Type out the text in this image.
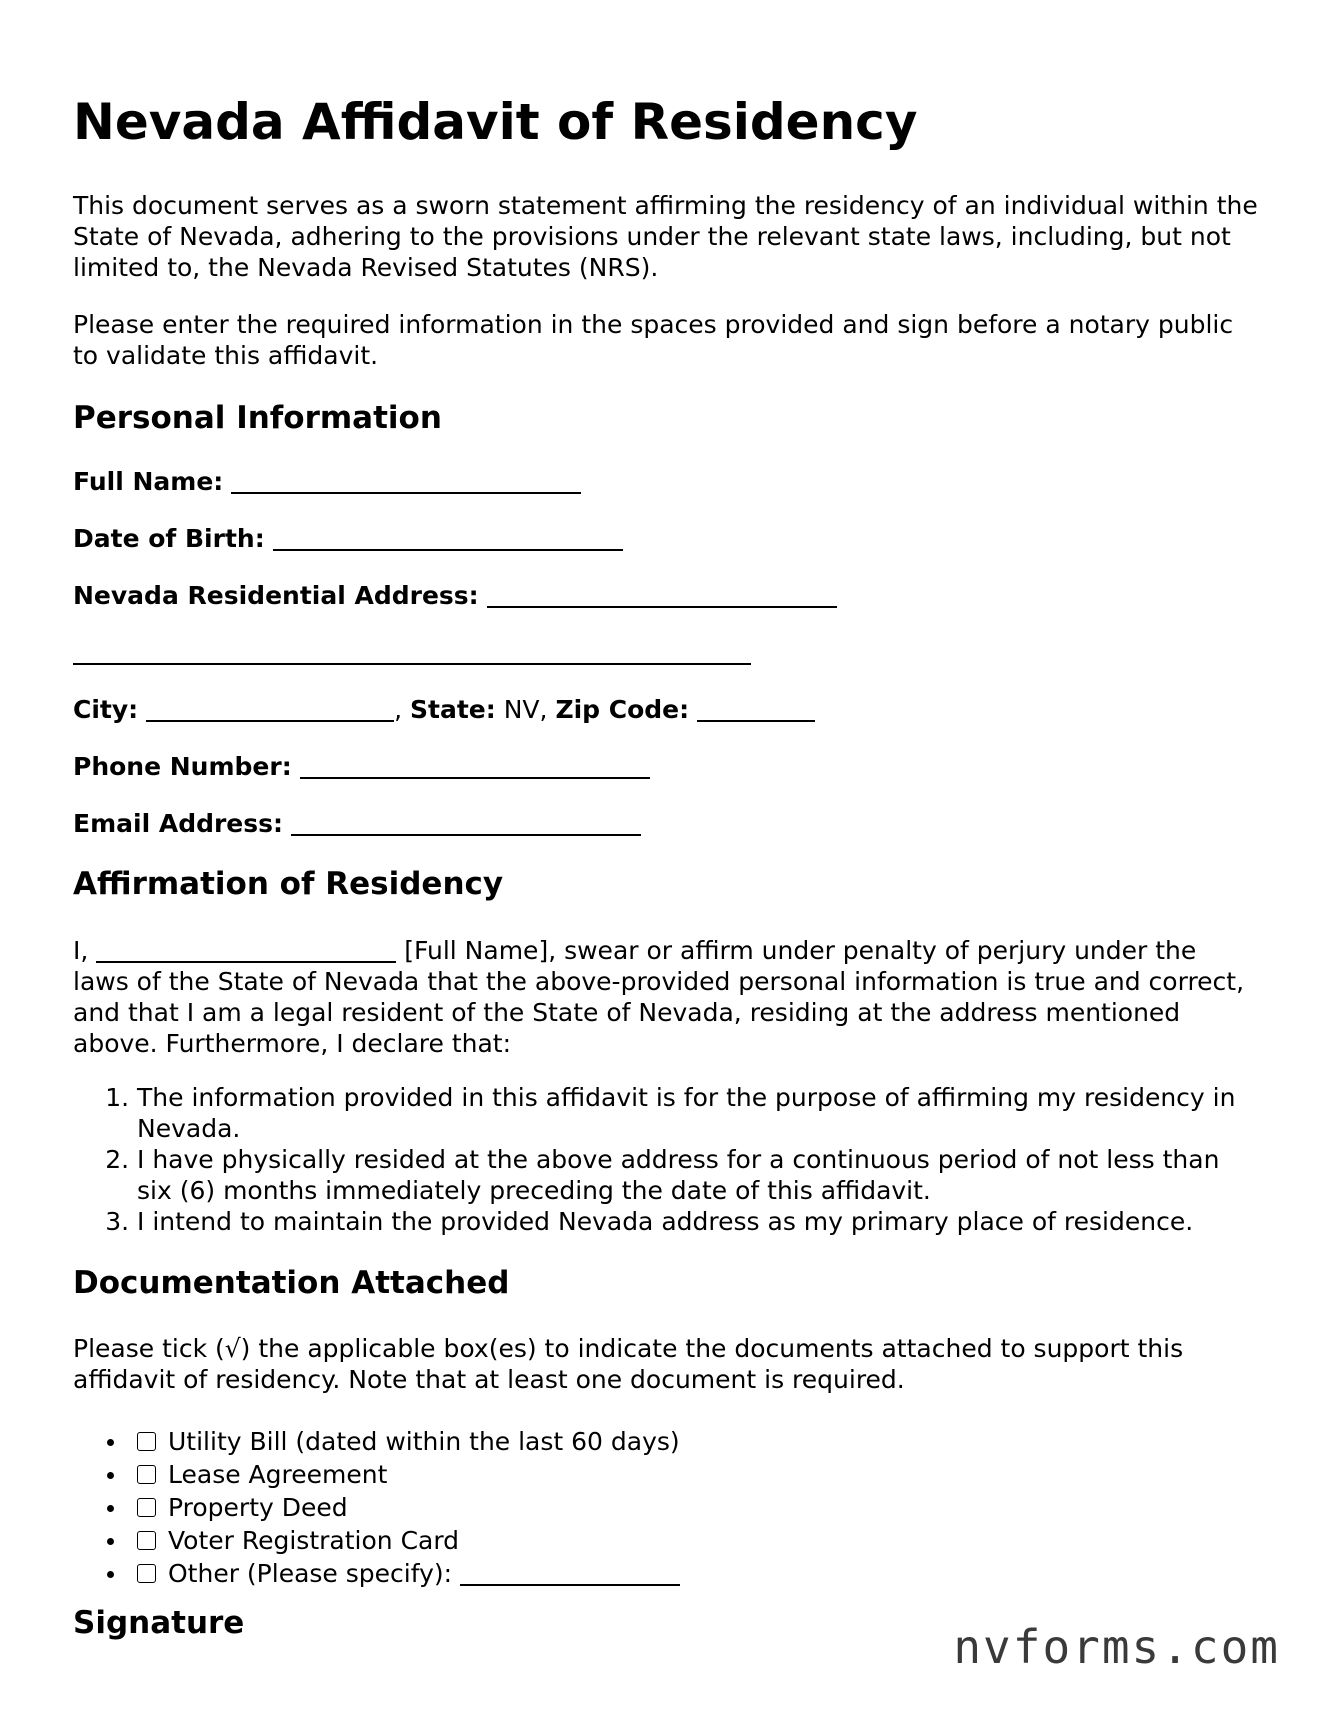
Nevada Affidavit of Residency

This document serves as a sworn statement affirming the residency of an individual within the State of Nevada, adhering to the provisions under the relevant state laws, including, but not limited to, the Nevada Revised Statutes (NRS).

Please enter the required information in the spaces provided and sign before a notary public to validate this affidavit.

Personal Information
Full Name:
Date of Birth:
Nevada Residential Address:
City:	, State: NV, Zip Code:
Phone Number:
Email Address:
Affirmation of Residency

I,	[Full Name], swear or affirm under penalty of perjury under the laws of the State of Nevada that the above-provided personal information is true and correct, and that I am a legal resident of the State of Nevada, residing at the address mentioned above. Furthermore, I declare that:

1. The information provided in this affidavit is for the purpose of affirming my residency in Nevada.
2. I have physically resided at the above address for a continuous period of not less than six (6) months immediately preceding the date of this affidavit.
3. I intend to maintain the provided Nevada address as my primary place of residence.
Documentation Attached

Please tick (√) the applicable box(es) to indicate the documents attached to support this affidavit of residency. Note that at least one document is required.

Utility Bill (dated within the last 60 days)
Lease Agreement
Property Deed
Voter Registration Card
Other (Please specify):
Signature	nvforms.com
